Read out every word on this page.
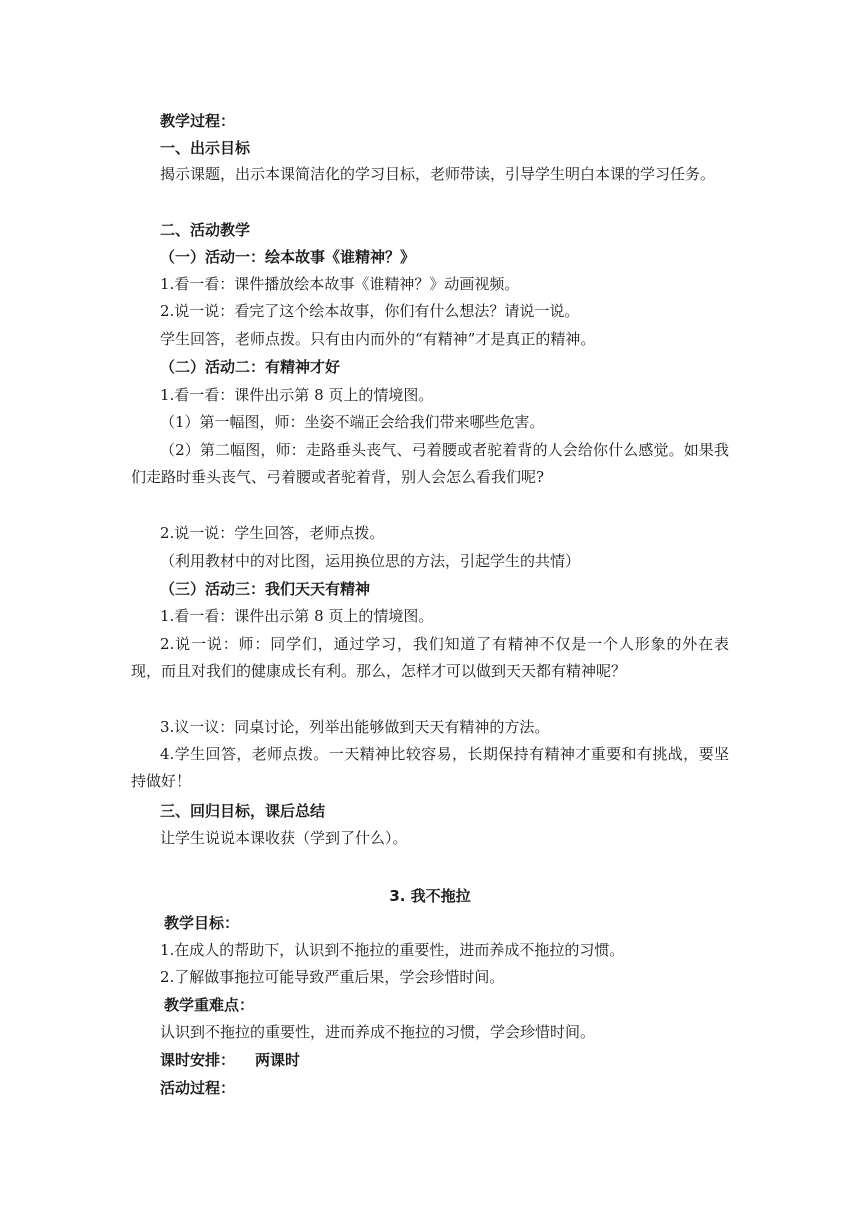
教学过程：
一、出示目标
揭示课题，出示本课简洁化的学习目标，老师带读，引导学生明白本课的学习任务。
二、活动教学
（一）活动一：绘本故事《谁精神？》
1.看一看：课件播放绘本故事《谁精神？》动画视频。
2.说一说：看完了这个绘本故事，你们有什么想法？请说一说。
学生回答，老师点拨。只有由内而外的“有精神”才是真正的精神。
（二）活动二：有精神才好
1.看一看：课件出示第 8 页上的情境图。
（1）第一幅图，师：坐姿不端正会给我们带来哪些危害。
（2）第二幅图，师：走路垂头丧气、弓着腰或者驼着背的人会给你什么感觉。如果我们走路时垂头丧气、弓着腰或者驼着背，别人会怎么看我们呢?
2.说一说：学生回答，老师点拨。
（利用教材中的对比图，运用换位思的方法，引起学生的共情）
（三）活动三：我们天天有精神
1.看一看：课件出示第 8 页上的情境图。
2.说一说：师：同学们，通过学习，我们知道了有精神不仅是一个人形象的外在表现，而且对我们的健康成长有利。那么，怎样才可以做到天天都有精神呢？
3.议一议：同桌讨论，列举出能够做到天天有精神的方法。
4.学生回答，老师点拨。一天精神比较容易，长期保持有精神才重要和有挑战，要坚持做好！
三、回归目标，课后总结
让学生说说本课收获（学到了什么）。
3. 我不拖拉
教学目标：
1.在成人的帮助下，认识到不拖拉的重要性，进而养成不拖拉的习惯。
2.了解做事拖拉可能导致严重后果，学会珍惜时间。
教学重难点：
认识到不拖拉的重要性，进而养成不拖拉的习惯，学会珍惜时间。
课时安排： 两课时
活动过程：
